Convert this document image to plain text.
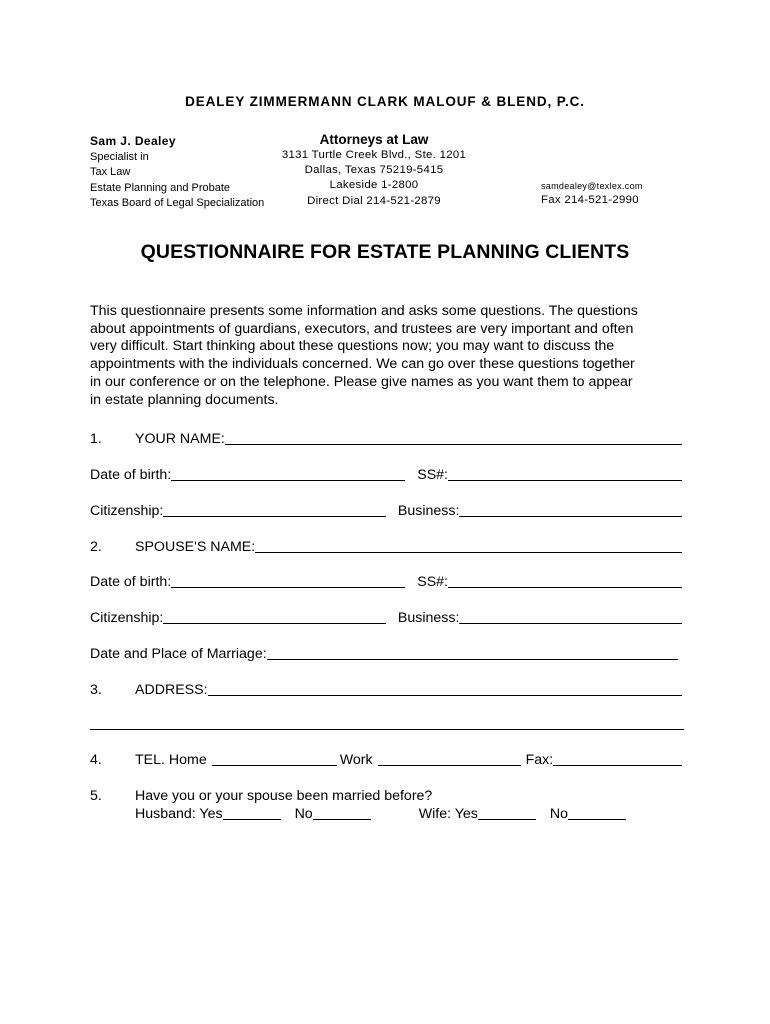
DEALEY ZIMMERMANN CLARK MALOUF & BLEND, P.C.
Sam J. Dealey
Specialist in
Tax Law
Estate Planning and Probate
Texas Board of Legal Specialization
Attorneys at Law
3131 Turtle Creek Blvd., Ste. 1201
Dallas, Texas 75219-5415
Lakeside 1-2800
Direct Dial 214-521-2879
samdealey@texlex.com
Fax 214-521-2990
QUESTIONNAIRE FOR ESTATE PLANNING CLIENTS
This questionnaire presents some information and asks some questions. The questions
about appointments of guardians, executors, and trustees are very important and often
very difficult. Start thinking about these questions now; you may want to discuss the
appointments with the individuals concerned. We can go over these questions together
in our conference or on the telephone. Please give names as you want them to appear
in estate planning documents.
1.	YOUR NAME:
Date of birth:	SS#:
Citizenship:	Business:
2.	SPOUSE'S NAME:
Date of birth:	SS#:
Citizenship:	Business:
Date and Place of Marriage:
3.	ADDRESS:
4.	TEL. Home	Work	Fax:
5.	Have you or your spouse been married before?
Husband: Yes	No	Wife: Yes	No
